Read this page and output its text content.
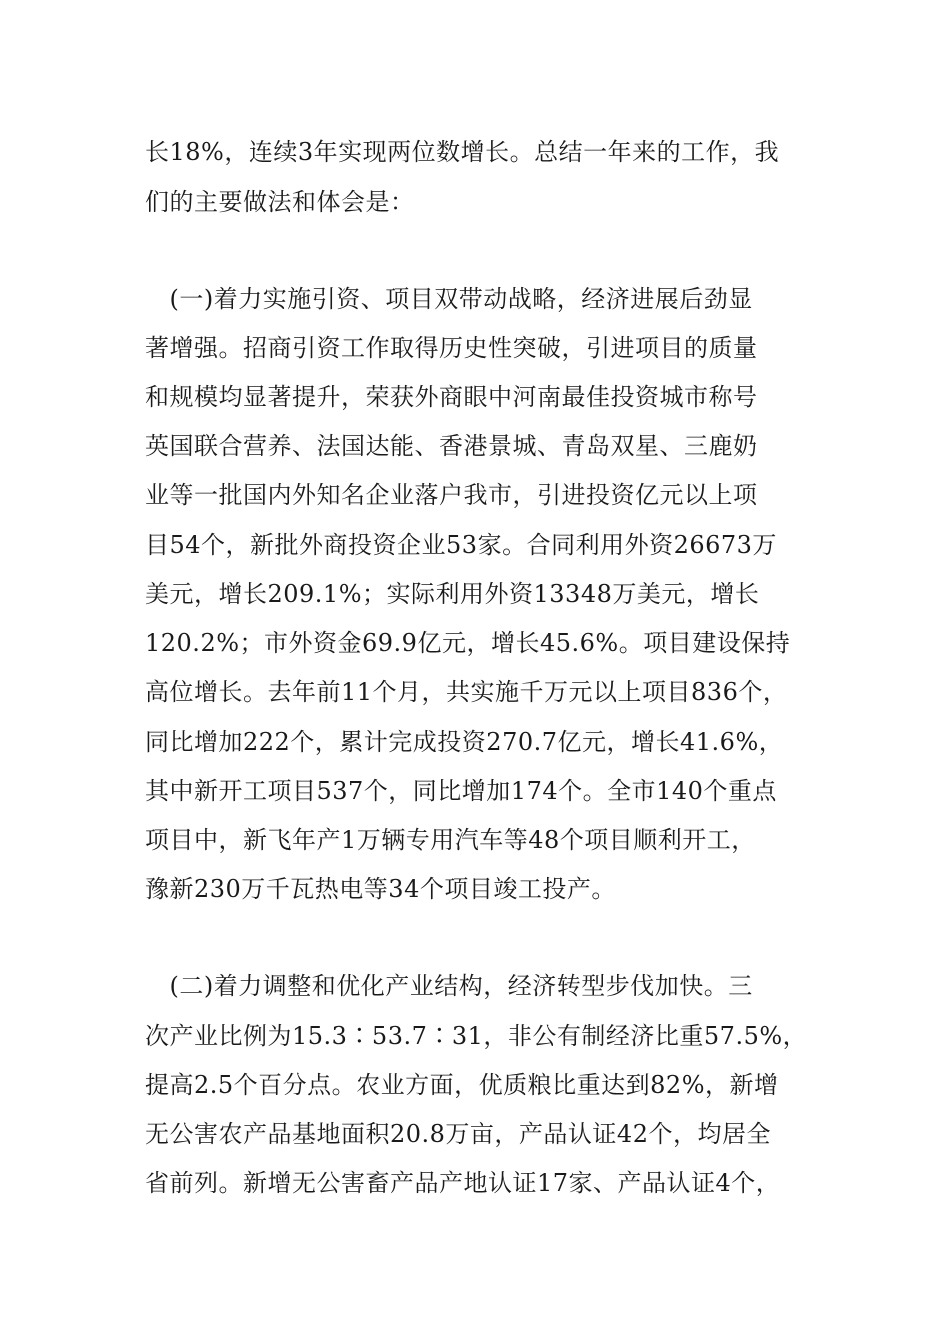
长18%，连续3年实现两位数增长。总结一年来的工作，我
们的主要做法和体会是：
　(一)着力实施引资、项目双带动战略，经济进展后劲显
著增强。招商引资工作取得历史性突破，引进项目的质量
和规模均显著提升，荣获外商眼中河南最佳投资城市称号
英国联合营养、法国达能、香港景城、青岛双星、三鹿奶
业等一批国内外知名企业落户我市，引进投资亿元以上项
目54个，新批外商投资企业53家。合同利用外资26673万
美元，增长209.1%；实际利用外资13348万美元，增长
120.2%；市外资金69.9亿元，增长45.6%。项目建设保持
高位增长。去年前11个月，共实施千万元以上项目836个，
同比增加222个，累计完成投资270.7亿元，增长41.6%，
其中新开工项目537个，同比增加174个。全市140个重点
项目中，新飞年产1万辆专用汽车等48个项目顺利开工，
豫新230万千瓦热电等34个项目竣工投产。
　(二)着力调整和优化产业结构，经济转型步伐加快。三
次产业比例为15.3∶53.7∶31，非公有制经济比重57.5%，
提高2.5个百分点。农业方面，优质粮比重达到82%，新增
无公害农产品基地面积20.8万亩，产品认证42个，均居全
省前列。新增无公害畜产品产地认证17家、产品认证4个，
